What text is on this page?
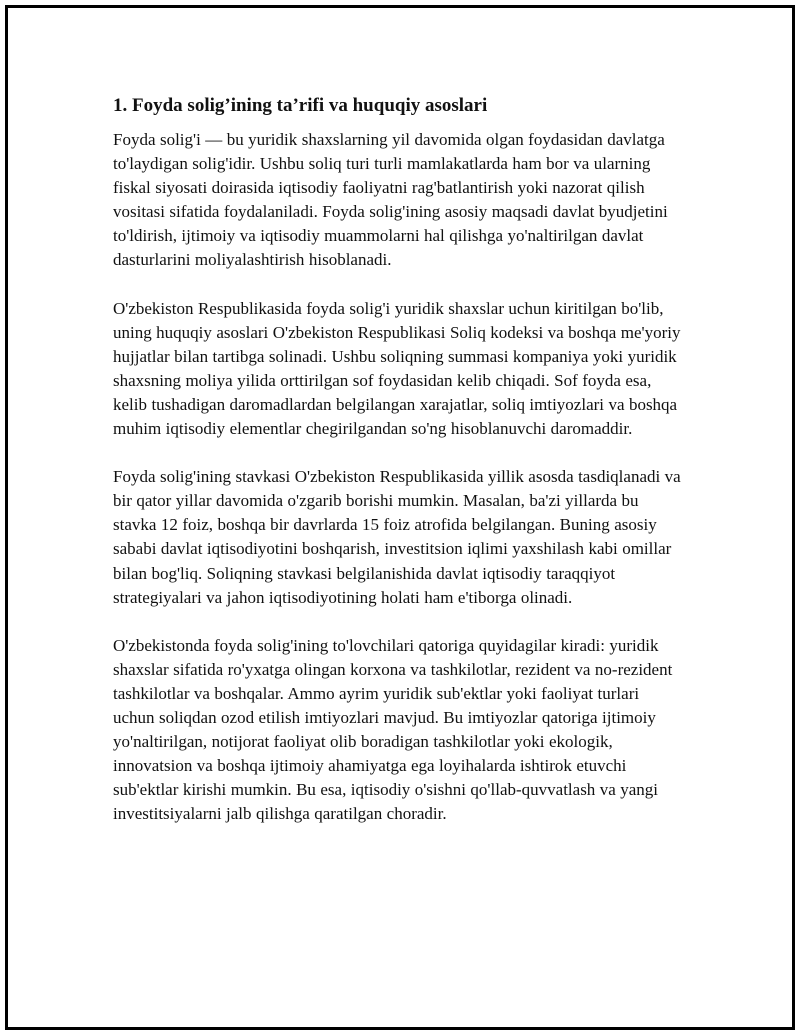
1. Foyda solig’ining ta’rifi va huquqiy asoslari

Foyda solig'i — bu yuridik shaxslarning yil davomida olgan foydasidan davlatga to'laydigan solig'idir. Ushbu soliq turi turli mamlakatlarda ham bor va ularning fiskal siyosati doirasida iqtisodiy faoliyatni rag'batlantirish yoki nazorat qilish vositasi sifatida foydalaniladi. Foyda solig'ining asosiy maqsadi davlat byudjetini to'ldirish, ijtimoiy va iqtisodiy muammolarni hal qilishga yo'naltirilgan davlat dasturlarini moliyalashtirish hisoblanadi.

O'zbekiston Respublikasida foyda solig'i yuridik shaxslar uchun kiritilgan bo'lib, uning huquqiy asoslari O'zbekiston Respublikasi Soliq kodeksi va boshqa me'yoriy hujjatlar bilan tartibga solinadi. Ushbu soliqning summasi kompaniya yoki yuridik shaxsning moliya yilida orttirilgan sof foydasidan kelib chiqadi. Sof foyda esa, kelib tushadigan daromadlardan belgilangan xarajatlar, soliq imtiyozlari va boshqa muhim iqtisodiy elementlar chegirilgandan so'ng hisoblanuvchi daromaddir.

Foyda solig'ining stavkasi O'zbekiston Respublikasida yillik asosda tasdiqlanadi va bir qator yillar davomida o'zgarib borishi mumkin. Masalan, ba'zi yillarda bu stavka 12 foiz, boshqa bir davrlarda 15 foiz atrofida belgilangan. Buning asosiy sababi davlat iqtisodiyotini boshqarish, investitsion iqlimi yaxshilash kabi omillar bilan bog'liq. Soliqning stavkasi belgilanishida davlat iqtisodiy taraqqiyot strategiyalari va jahon iqtisodiyotining holati ham e'tiborga olinadi.

O'zbekistonda foyda solig'ining to'lovchilari qatoriga quyidagilar kiradi: yuridik shaxslar sifatida ro'yxatga olingan korxona va tashkilotlar, rezident va no-rezident tashkilotlar va boshqalar. Ammo ayrim yuridik sub'ektlar yoki faoliyat turlari uchun soliqdan ozod etilish imtiyozlari mavjud. Bu imtiyozlar qatoriga ijtimoiy yo'naltirilgan, notijorat faoliyat olib boradigan tashkilotlar yoki ekologik, innovatsion va boshqa ijtimoiy ahamiyatga ega loyihalarda ishtirok etuvchi sub'ektlar kirishi mumkin. Bu esa, iqtisodiy o'sishni qo'llab-quvvatlash va yangi investitsiyalarni jalb qilishga qaratilgan choradir.
